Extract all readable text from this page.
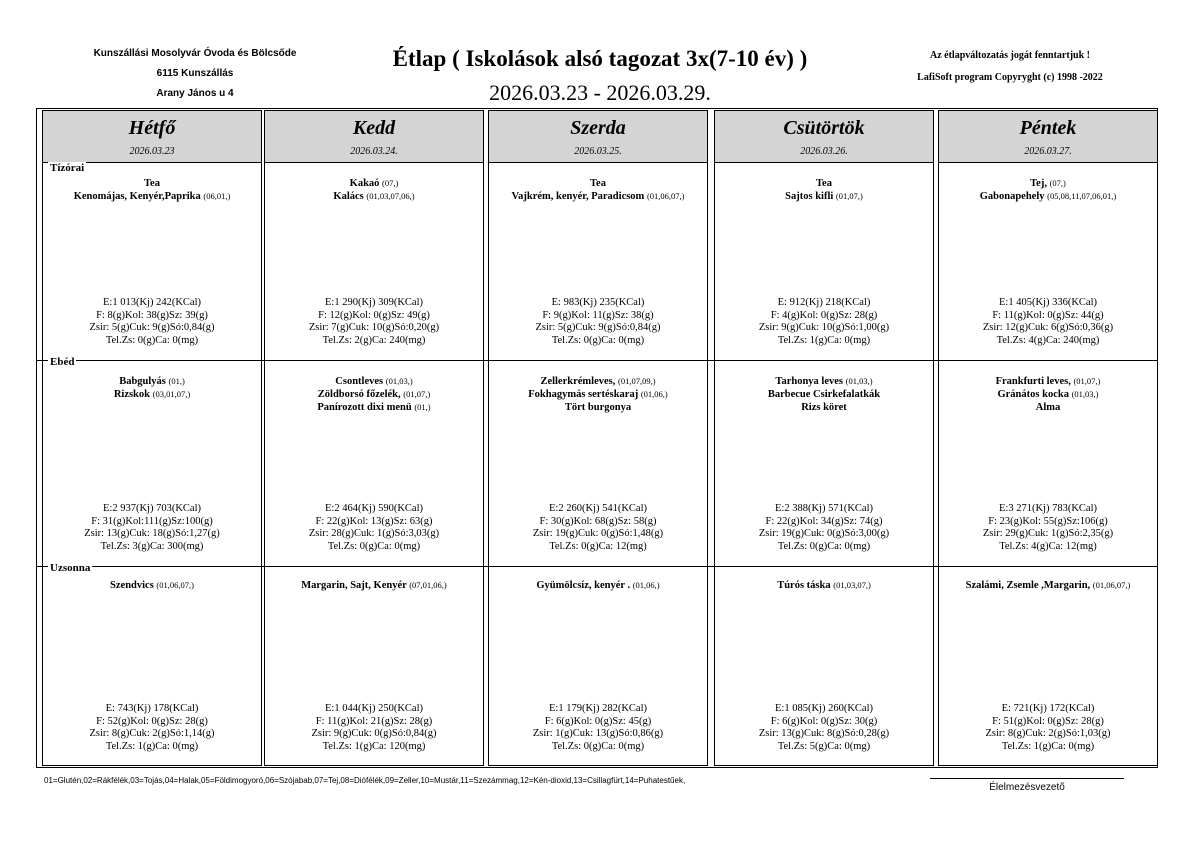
Kunszállási Mosolyvár Óvoda és Bölcsőde
6115 Kunszállás
Arany János u 4
Étlap ( Iskolások alsó tagozat 3x(7-10 év) )
2026.03.23 - 2026.03.29.
Az étlapváltozatás jogát fenntartjuk !
LafiSoft program Copyryght (c) 1998 -2022
Hétfő
2026.03.23
Tea
Kenomájas, Kenyér,Paprika (06,01,)
E:1 013(Kj) 242(KCal)
F: 8(g)Kol: 38(g)Sz: 39(g)
Zsir: 5(g)Cuk: 9(g)Só:0,84(g)
Tel.Zs: 0(g)Ca: 0(mg)
Babgulyás (01,)
Rizskok (03,01,07,)
E:2 937(Kj) 703(KCal)
F: 31(g)Kol:111(g)Sz:100(g)
Zsir: 13(g)Cuk: 18(g)Só:1,27(g)
Tel.Zs: 3(g)Ca: 300(mg)
Szendvics (01,06,07,)
E: 743(Kj) 178(KCal)
F: 52(g)Kol: 0(g)Sz: 28(g)
Zsir: 8(g)Cuk: 2(g)Só:1,14(g)
Tel.Zs: 1(g)Ca: 0(mg)
Kedd
2026.03.24.
Kakaó (07,)
Kalács (01,03,07,06,)
E:1 290(Kj) 309(KCal)
F: 12(g)Kol: 0(g)Sz: 49(g)
Zsir: 7(g)Cuk: 10(g)Só:0,20(g)
Tel.Zs: 2(g)Ca: 240(mg)
Csontleves (01,03,)
Zöldborsó főzelék, (01,07,)
Panírozott dixi menü (01,)
E:2 464(Kj) 590(KCal)
F: 22(g)Kol: 13(g)Sz: 63(g)
Zsir: 28(g)Cuk: 1(g)Só:3,03(g)
Tel.Zs: 0(g)Ca: 0(mg)
Margarin, Sajt, Kenyér (07,01,06,)
E:1 044(Kj) 250(KCal)
F: 11(g)Kol: 21(g)Sz: 28(g)
Zsir: 9(g)Cuk: 0(g)Só:0,84(g)
Tel.Zs: 1(g)Ca: 120(mg)
Szerda
2026.03.25.
Tea
Vajkrém, kenyér, Paradicsom (01,06,07,)
E: 983(Kj) 235(KCal)
F: 9(g)Kol: 11(g)Sz: 38(g)
Zsir: 5(g)Cuk: 9(g)Só:0,84(g)
Tel.Zs: 0(g)Ca: 0(mg)
Zellerkrémleves, (01,07,09,)
Fokhagymás sertéskaraj (01,06,)
Tört burgonya
E:2 260(Kj) 541(KCal)
F: 30(g)Kol: 68(g)Sz: 58(g)
Zsir: 19(g)Cuk: 0(g)Só:1,48(g)
Tel.Zs: 0(g)Ca: 12(mg)
Gyümölcsíz, kenyér . (01,06,)
E:1 179(Kj) 282(KCal)
F: 6(g)Kol: 0(g)Sz: 45(g)
Zsir: 1(g)Cuk: 13(g)Só:0,86(g)
Tel.Zs: 0(g)Ca: 0(mg)
Csütörtök
2026.03.26.
Tea
Sajtos kifli (01,07,)
E: 912(Kj) 218(KCal)
F: 4(g)Kol: 0(g)Sz: 28(g)
Zsir: 9(g)Cuk: 10(g)Só:1,00(g)
Tel.Zs: 1(g)Ca: 0(mg)
Tarhonya leves (01,03,)
Barbecue Csirkefalatkák
Rizs köret
E:2 388(Kj) 571(KCal)
F: 22(g)Kol: 34(g)Sz: 74(g)
Zsir: 19(g)Cuk: 0(g)Só:3,00(g)
Tel.Zs: 0(g)Ca: 0(mg)
Túrós táska (01,03,07,)
E:1 085(Kj) 260(KCal)
F: 6(g)Kol: 0(g)Sz: 30(g)
Zsir: 13(g)Cuk: 8(g)Só:0,28(g)
Tel.Zs: 5(g)Ca: 0(mg)
Péntek
2026.03.27.
Tej, (07,)
Gabonapehely (05,08,11,07,06,01,)
E:1 405(Kj) 336(KCal)
F: 11(g)Kol: 0(g)Sz: 44(g)
Zsir: 12(g)Cuk: 6(g)Só:0,36(g)
Tel.Zs: 4(g)Ca: 240(mg)
Frankfurti leves, (01,07,)
Gránátos kocka (01,03,)
Alma
E:3 271(Kj) 783(KCal)
F: 23(g)Kol: 55(g)Sz:106(g)
Zsir: 29(g)Cuk: 1(g)Só:2,35(g)
Tel.Zs: 4(g)Ca: 12(mg)
Szalámi, Zsemle ,Margarin, (01,06,07,)
E: 721(Kj) 172(KCal)
F: 51(g)Kol: 0(g)Sz: 28(g)
Zsir: 8(g)Cuk: 2(g)Só:1,03(g)
Tel.Zs: 1(g)Ca: 0(mg)
Tízórai
Ebéd
Uzsonna
01=Glutén,02=Rákfélék,03=Tojás,04=Halak,05=Földimogyoró,06=Szójabab,07=Tej,08=Diófélék,09=Zeller,10=Mustár,11=Szezámmag,12=Kén-dioxid,13=Csillagfürt,14=Puhatestűek,
Élelmezésvezető
